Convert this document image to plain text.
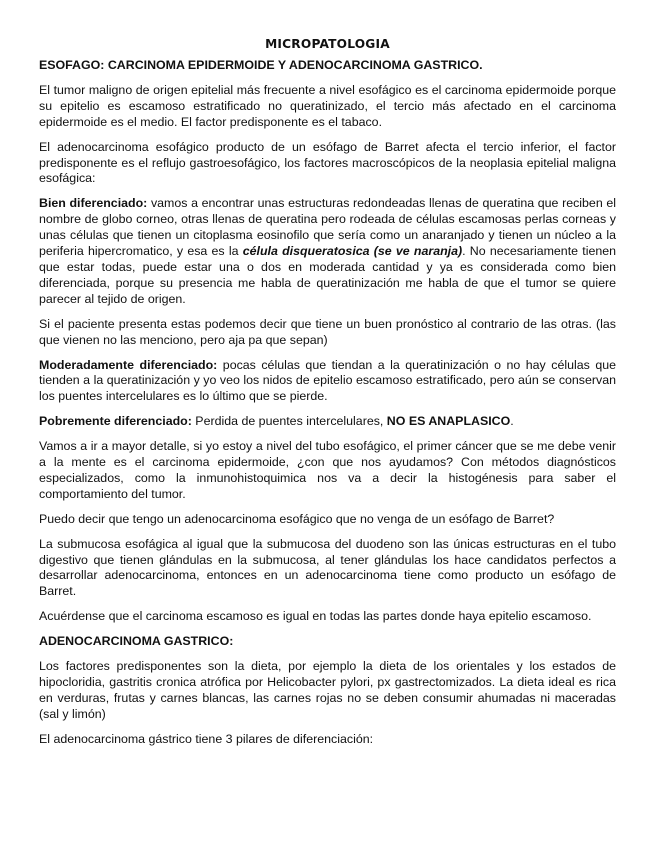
MICROPATOLOGIA
ESOFAGO: CARCINOMA EPIDERMOIDE Y ADENOCARCINOMA GASTRICO.

El tumor maligno de origen epitelial más frecuente a nivel esofágico es el carcinoma epidermoide porque su epitelio es escamoso estratificado no queratinizado, el tercio más afectado en el carcinoma epidermoide es el medio. El factor predisponente es el tabaco.

El adenocarcinoma esofágico producto de un esófago de Barret afecta el tercio inferior, el factor predisponente es el reflujo gastroesofágico, los factores macroscópicos de la neoplasia epitelial maligna esofágica:

Bien diferenciado: vamos a encontrar unas estructuras redondeadas llenas de queratina que reciben el nombre de globo corneo, otras llenas de queratina pero rodeada de células escamosas perlas corneas y unas células que tienen un citoplasma eosinofilo que sería como un anaranjado y tienen un núcleo a la periferia hipercromatico, y esa es la célula disqueratosica (se ve naranja). No necesariamente tienen que estar todas, puede estar una o dos en moderada cantidad y ya es considerada como bien diferenciada, porque su presencia me habla de queratinización me habla de que el tumor se quiere parecer al tejido de origen.

Si el paciente presenta estas podemos decir que tiene un buen pronóstico al contrario de las otras. (las que vienen no las menciono, pero aja pa que sepan)

Moderadamente diferenciado: pocas células que tiendan a la queratinización o no hay células que tienden a la queratinización y yo veo los nidos de epitelio escamoso estratificado, pero aún se conservan los puentes intercelulares es lo último que se pierde.

Pobremente diferenciado: Perdida de puentes intercelulares, NO ES ANAPLASICO.

Vamos a ir a mayor detalle, si yo estoy a nivel del tubo esofágico, el primer cáncer que se me debe venir a la mente es el carcinoma epidermoide, ¿con que nos ayudamos? Con métodos diagnósticos especializados, como la inmunohistoquimica nos va a decir la histogénesis para saber el comportamiento del tumor.

Puedo decir que tengo un adenocarcinoma esofágico que no venga de un esófago de Barret?

La submucosa esofágica al igual que la submucosa del duodeno son las únicas estructuras en el tubo digestivo que tienen glándulas en la submucosa, al tener glándulas los hace candidatos perfectos a desarrollar adenocarcinoma, entonces en un adenocarcinoma tiene como producto un esófago de Barret.

Acuérdense que el carcinoma escamoso es igual en todas las partes donde haya epitelio escamoso.

ADENOCARCINOMA GASTRICO:

Los factores predisponentes son la dieta, por ejemplo la dieta de los orientales y los estados de hipocloridia, gastritis cronica atrófica por Helicobacter pylori, px gastrectomizados. La dieta ideal es rica en verduras, frutas y carnes blancas, las carnes rojas no se deben consumir ahumadas ni maceradas (sal y limón)

El adenocarcinoma gástrico tiene 3 pilares de diferenciación:
